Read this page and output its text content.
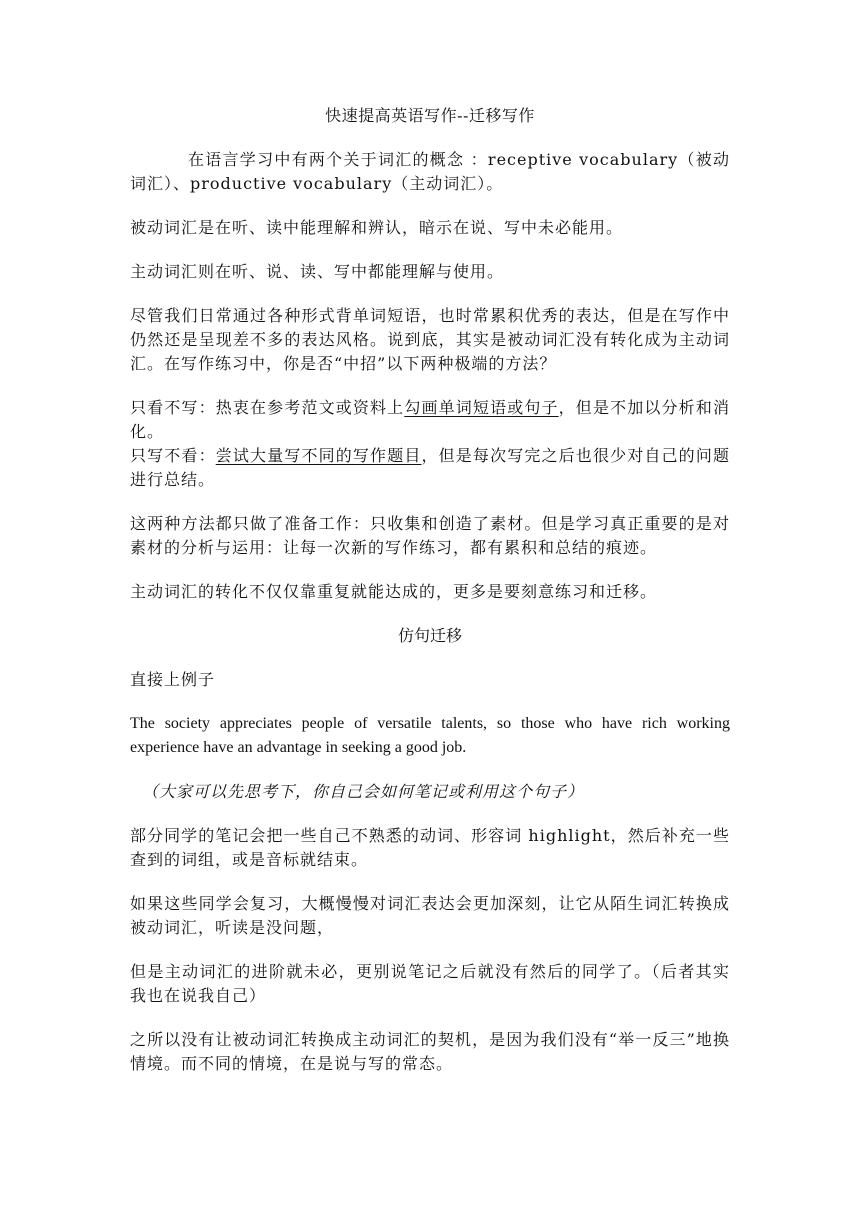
快速提高英语写作--迁移写作

在语言学习中有两个关于词汇的概念 ：receptive vocabulary（被动词汇）、productive vocabulary（主动词汇）。

被动词汇是在听、读中能理解和辨认，暗示在说、写中未必能用。

主动词汇则在听、说、读、写中都能理解与使用。

尽管我们日常通过各种形式背单词短语，也时常累积优秀的表达，但是在写作中仍然还是呈现差不多的表达风格。说到底，其实是被动词汇没有转化成为主动词汇。在写作练习中，你是否“中招”以下两种极端的方法？

只看不写：热衷在参考范文或资料上勾画单词短语或句子，但是不加以分析和消化。

只写不看：尝试大量写不同的写作题目，但是每次写完之后也很少对自己的问题进行总结。

这两种方法都只做了准备工作：只收集和创造了素材。但是学习真正重要的是对素材的分析与运用：让每一次新的写作练习，都有累积和总结的痕迹。

主动词汇的转化不仅仅靠重复就能达成的，更多是要刻意练习和迁移。

仿句迁移

直接上例子

The society appreciates people of versatile talents, so those who have rich working experience have an advantage in seeking a good job.

（大家可以先思考下，你自己会如何笔记或利用这个句子）

部分同学的笔记会把一些自己不熟悉的动词、形容词 highlight，然后补充一些查到的词组，或是音标就结束。

如果这些同学会复习，大概慢慢对词汇表达会更加深刻，让它从陌生词汇转换成被动词汇，听读是没问题，

但是主动词汇的进阶就未必，更别说笔记之后就没有然后的同学了。（后者其实我也在说我自己）

之所以没有让被动词汇转换成主动词汇的契机，是因为我们没有“举一反三”地换情境。而不同的情境，在是说与写的常态。
